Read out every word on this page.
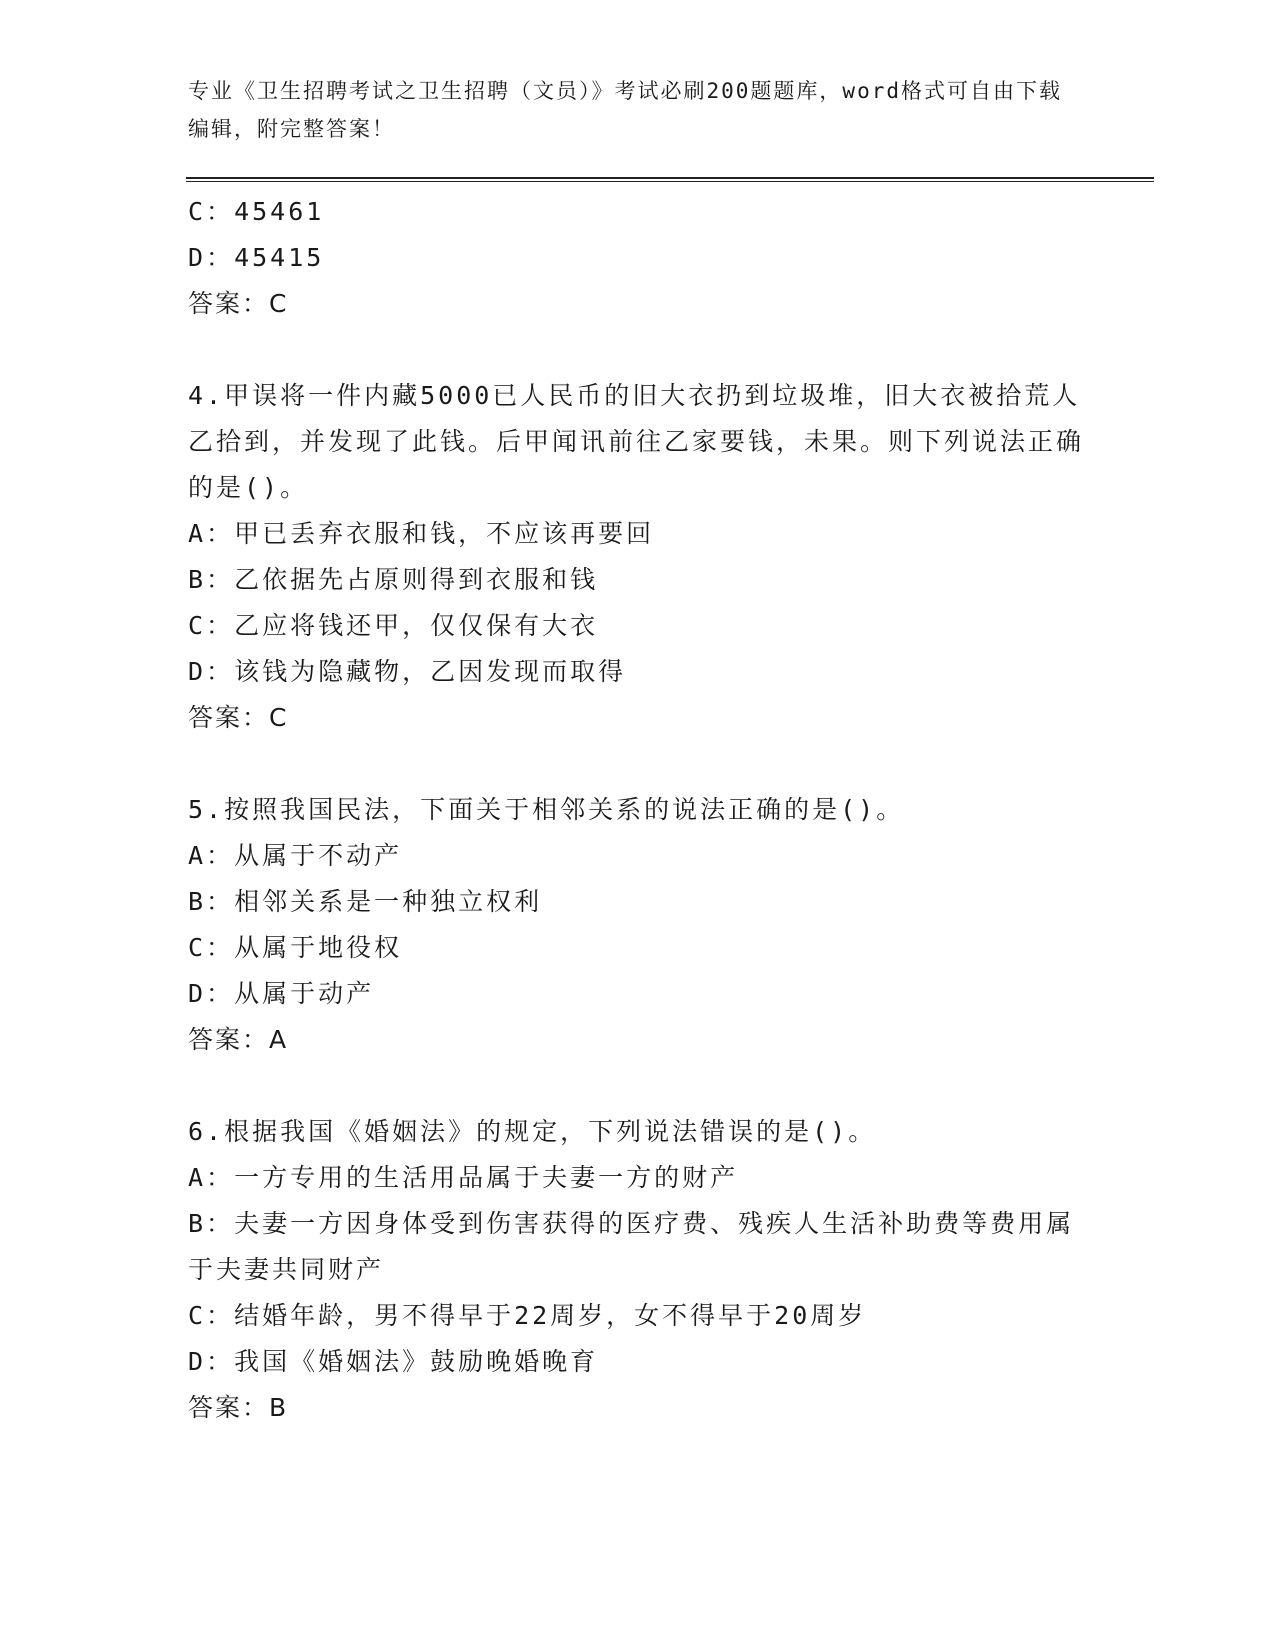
专业《卫生招聘考试之卫生招聘（文员）》考试必刷200题题库，word格式可自由下载编辑，附完整答案！

C：45461

D：45415

答案：C

4.甲误将一件内藏5000已人民币的旧大衣扔到垃圾堆，旧大衣被拾荒人乙拾到，并发现了此钱。后甲闻讯前往乙家要钱，未果。则下列说法正确的是()。

A：甲已丢弃衣服和钱，不应该再要回

B：乙依据先占原则得到衣服和钱

C：乙应将钱还甲，仅仅保有大衣

D：该钱为隐藏物，乙因发现而取得

答案：C

5.按照我国民法，下面关于相邻关系的说法正确的是()。

A：从属于不动产

B：相邻关系是一种独立权利

C：从属于地役权

D：从属于动产

答案：A

6.根据我国《婚姻法》的规定，下列说法错误的是()。

A：一方专用的生活用品属于夫妻一方的财产

B：夫妻一方因身体受到伤害获得的医疗费、残疾人生活补助费等费用属于夫妻共同财产

C：结婚年龄，男不得早于22周岁，女不得早于20周岁

D：我国《婚姻法》鼓励晚婚晚育

答案：B
